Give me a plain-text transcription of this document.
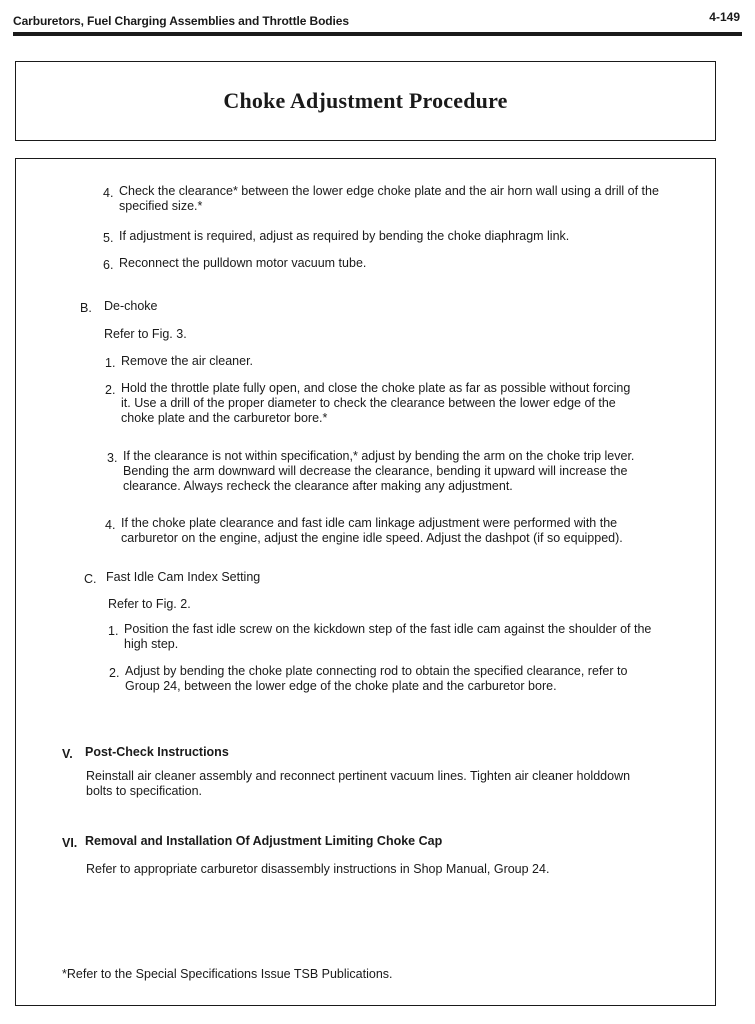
Carburetors, Fuel Charging Assemblies and Throttle Bodies	4-149
Choke Adjustment Procedure
4. Check the clearance* between the lower edge choke plate and the air horn wall using a drill of the specified size.*

5. If adjustment is required, adjust as required by bending the choke diaphragm link.

6. Reconnect the pulldown motor vacuum tube.

B. De-choke
Refer to Fig. 3.
1. Remove the air cleaner.

2. Hold the throttle plate fully open, and close the choke plate as far as possible without forcing it. Use a drill of the proper diameter to check the clearance between the lower edge of the choke plate and the carburetor bore.*

3. If the clearance is not within specification,* adjust by bending the arm on the choke trip lever. Bending the arm downward will decrease the clearance, bending it upward will increase the clearance. Always recheck the clearance after making any adjustment.

4. If the choke plate clearance and fast idle cam linkage adjustment were performed with the carburetor on the engine, adjust the engine idle speed. Adjust the dashpot (if so equipped).

C. Fast Idle Cam Index Setting
Refer to Fig. 2.
1. Position the fast idle screw on the kickdown step of the fast idle cam against the shoulder of the high step.

2. Adjust by bending the choke plate connecting rod to obtain the specified clearance, refer to Group 24, between the lower edge of the choke plate and the carburetor bore.

V. Post-Check Instructions

Reinstall air cleaner assembly and reconnect pertinent vacuum lines. Tighten air cleaner holddown bolts to specification.

VI. Removal and Installation Of Adjustment Limiting Choke Cap

Refer to appropriate carburetor disassembly instructions in Shop Manual, Group 24.

*Refer to the Special Specifications Issue TSB Publications.
